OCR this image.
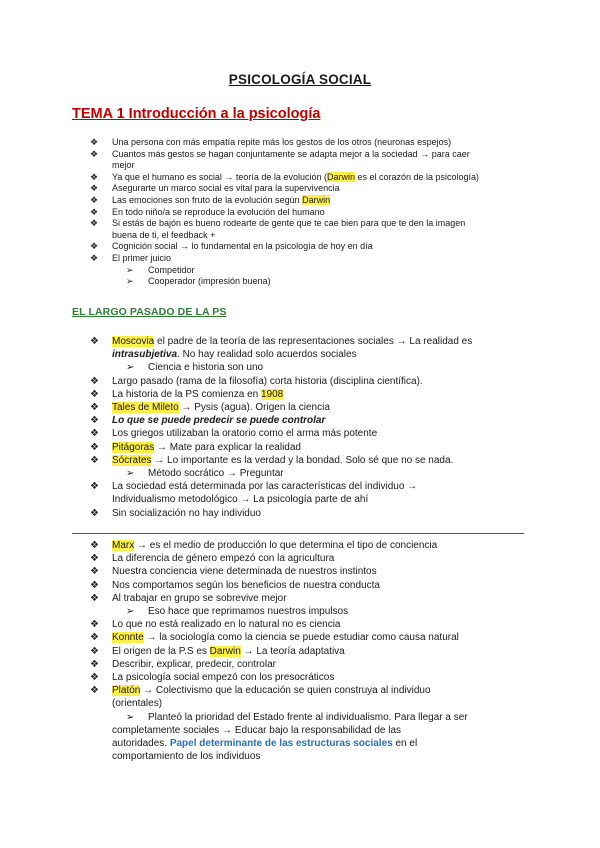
PSICOLOGÍA SOCIAL
TEMA 1 Introducción a la psicología
❖ Una persona con más empatía repite más los gestos de los otros (neuronas espejos)
❖ Cuantos más gestos se hagan conjuntamente se adapta mejor a la sociedad → para caer
mejor
❖ Ya que el humano es social → teoría de la evolución (Darwin es el corazón de la psicología)
❖ Asegurarte un marco social es vital para la supervivencia
❖ Las emociones son fruto de la evolución según Darwin
❖ En todo niño/a se reproduce la evolución del humano
❖ Si estás de bajón es bueno rodearte de gente que te cae bien para que te den la imagen
buena de ti, el feedback +
❖ Cognición social → lo fundamental en la psicología de hoy en día
❖ El primer juicio
➢ Competidor
➢ Cooperador (impresión buena)
EL LARGO PASADO DE LA PS
❖ Moscovia el padre de la teoría de las representaciones sociales → La realidad es
intrasubjetiva. No hay realidad solo acuerdos sociales
➢ Ciencia e historia son uno
❖ Largo pasado (rama de la filosofía) corta historia (disciplina científica).
❖ La historia de la PS comienza en 1908
❖ Tales de Mileto → Pysis (agua). Origen la ciencia
❖ Lo que se puede predecir se puede controlar
❖ Los griegos utilizaban la oratorio como el arma más potente
❖ Pitágoras → Mate para explicar la realidad
❖ Sócrates → Lo importante es la verdad y la bondad. Solo sé que no se nada.
➢ Método socrático → Preguntar
❖ La sociedad está determinada por las características del individuo →
Individualismo metodológico → La psicología parte de ahí
❖ Sin socialización no hay individuo
❖ Marx → es el medio de producción lo que determina el tipo de conciencia
❖ La diferencia de género empezó con la agricultura
❖ Nuestra conciencia viene determinada de nuestros instintos
❖ Nos comportamos según los beneficios de nuestra conducta
❖ Al trabajar en grupo se sobrevive mejor
➢ Eso hace que reprimamos nuestros impulsos
❖ Lo que no está realizado en lo natural no es ciencia
❖ Konnte → la sociología como la ciencia se puede estudiar como causa natural
❖ El origen de la P.S es Darwin → La teoría adaptativa
❖ Describir, explicar, predecir, controlar
❖ La psicología social empezó con los presocráticos
❖ Platón → Colectivismo que la educación se quien construya al individuo
(orientales)
➢ Planteó la prioridad del Estado frente al individualismo. Para llegar a ser
completamente sociales → Educar bajo la responsabilidad de las
autoridades. Papel determinante de las estructuras sociales en el
comportamiento de los individuos
